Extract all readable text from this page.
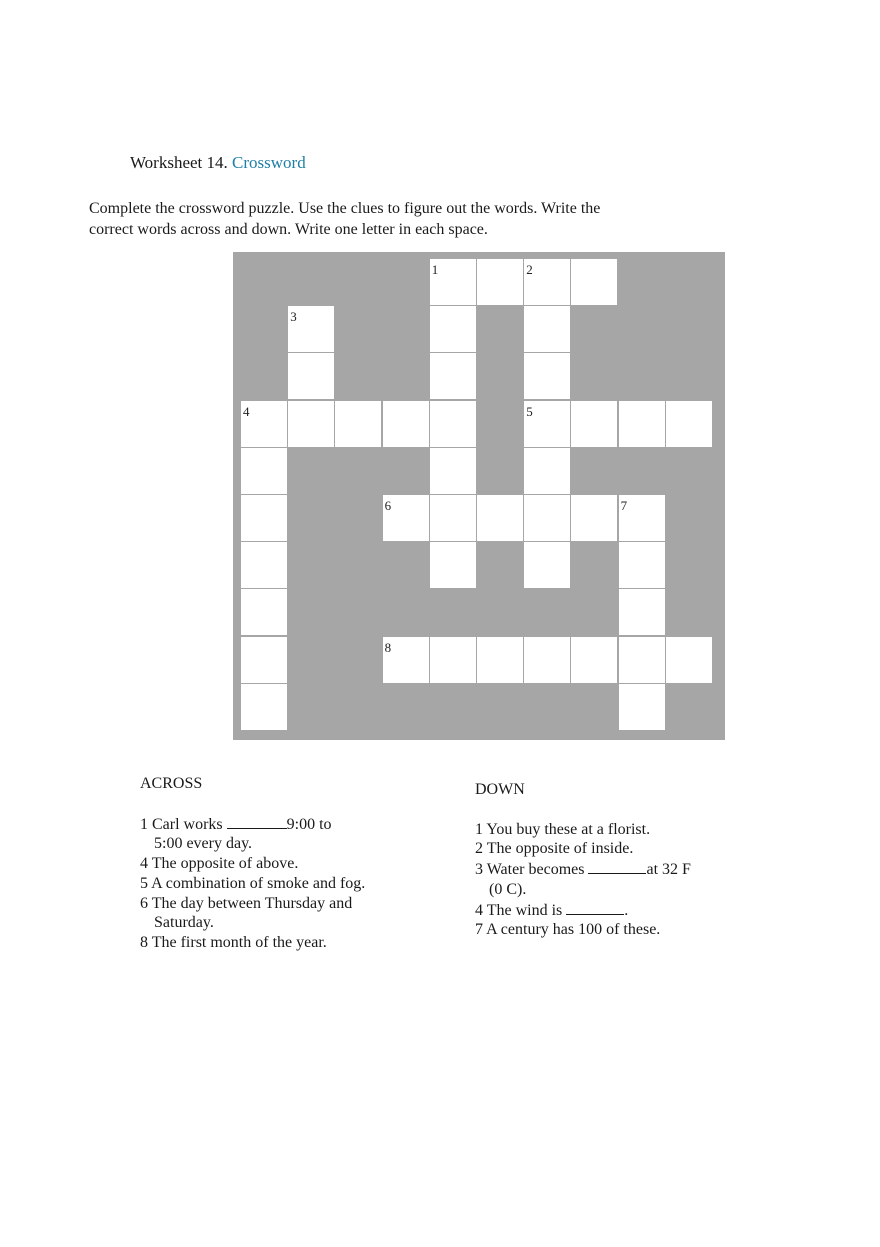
Worksheet 14. Crossword

Complete the crossword puzzle. Use the clues to figure out the words. Write the
correct words across and down. Write one letter in each space.

1	2
3
4	5
6	7
8
ACROSS

1 Carl works	9:00 to
5:00 every day.

4 The opposite of above.

5 A combination of smoke and fog.

6 The day between Thursday and
Saturday.

8 The first month of the year.

DOWN

1 You buy these at a florist.

2 The opposite of inside.

3 Water becomes	at 32 F
(0 C).

4 The wind is	.

7 A century has 100 of these.
